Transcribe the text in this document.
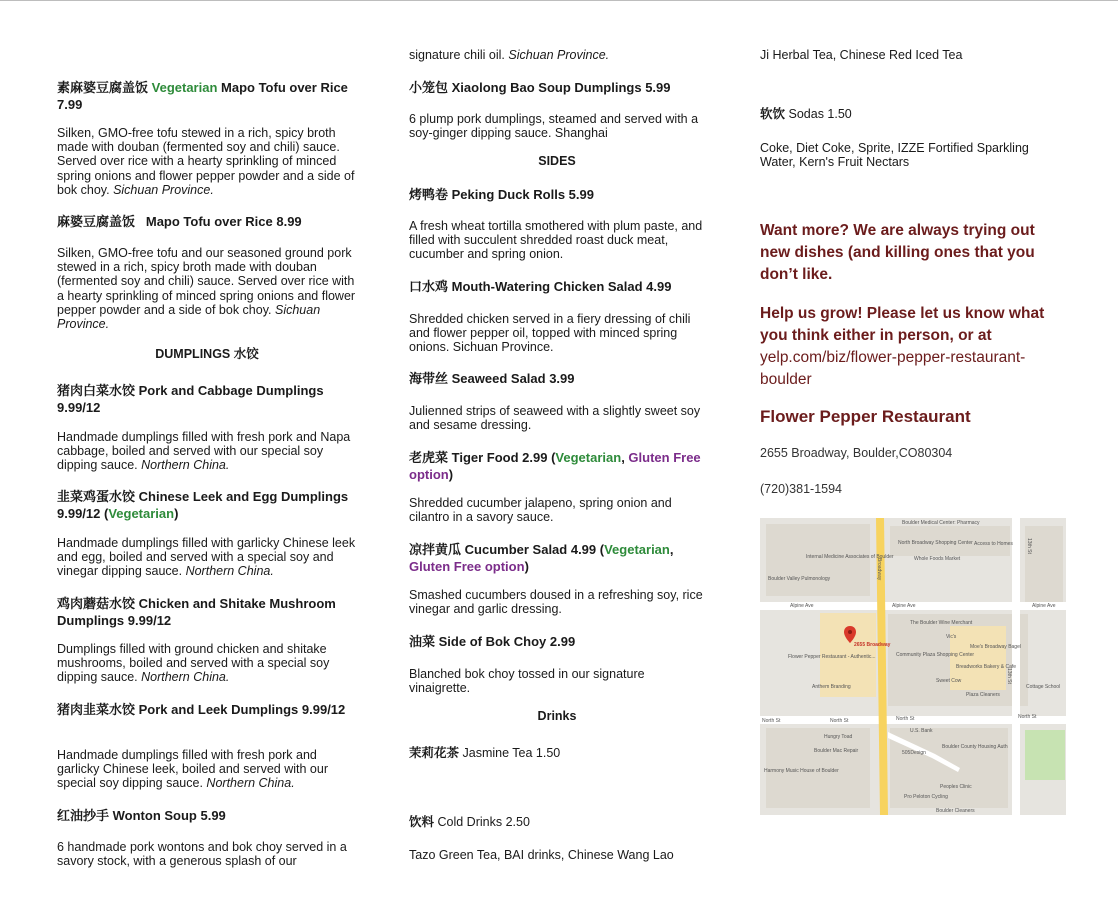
素麻婆豆腐盖饭 Vegetarian Mapo Tofu over Rice 7.99
Silken, GMO-free tofu stewed in a rich, spicy broth made with douban (fermented soy and chili) sauce. Served over rice with a hearty sprinkling of minced spring onions and flower pepper powder and a side of bok choy. Sichuan Province.
麻婆豆腐盖饭 Mapo Tofu over Rice 8.99
Silken, GMO-free tofu and our seasoned ground pork stewed in a rich, spicy broth made with douban (fermented soy and chili) sauce. Served over rice with a hearty sprinkling of minced spring onions and flower pepper powder and a side of bok choy. Sichuan Province.
DUMPLINGS 水饺
猪肉白菜水饺 Pork and Cabbage Dumplings 9.99/12
Handmade dumplings filled with fresh pork and Napa cabbage, boiled and served with our special soy dipping sauce. Northern China.
韭菜鸡蛋水饺 Chinese Leek and Egg Dumplings 9.99/12 (Vegetarian)
Handmade dumplings filled with garlicky Chinese leek and egg, boiled and served with a special soy and vinegar dipping sauce. Northern China.
鸡肉蘑菇水饺 Chicken and Shitake Mushroom Dumplings 9.99/12
Dumplings filled with ground chicken and shitake mushrooms, boiled and served with a special soy dipping sauce. Northern China.
猪肉韭菜水饺 Pork and Leek Dumplings 9.99/12
Handmade dumplings filled with fresh pork and garlicky Chinese leek, boiled and served with our special soy dipping sauce. Northern China.
红油抄手 Wonton Soup 5.99
6 handmade pork wontons and bok choy served in a savory stock, with a generous splash of our
signature chili oil. Sichuan Province.
小笼包 Xiaolong Bao Soup Dumplings 5.99
6 plump pork dumplings, steamed and served with a soy-ginger dipping sauce. Shanghai
SIDES
烤鸭卷 Peking Duck Rolls 5.99
A fresh wheat tortilla smothered with plum paste, and filled with succulent shredded roast duck meat, cucumber and spring onion.
口水鸡 Mouth-Watering Chicken Salad 4.99
Shredded chicken served in a fiery dressing of chili and flower pepper oil, topped with minced spring onions. Sichuan Province.
海带丝 Seaweed Salad 3.99
Julienned strips of seaweed with a slightly sweet soy and sesame dressing.
老虎菜 Tiger Food 2.99 (Vegetarian, Gluten Free option)
Shredded cucumber jalapeno, spring onion and cilantro in a savory sauce.
凉拌黄瓜 Cucumber Salad 4.99 (Vegetarian, Gluten Free option)
Smashed cucumbers doused in a refreshing soy, rice vinegar and garlic dressing.
油菜 Side of Bok Choy 2.99
Blanched bok choy tossed in our signature vinaigrette.
Drinks
茉莉花茶 Jasmine Tea 1.50
饮料 Cold Drinks 2.50
Tazo Green Tea, BAI drinks, Chinese Wang Lao
Ji Herbal Tea, Chinese Red Iced Tea
软饮 Sodas 1.50
Coke, Diet Coke, Sprite, IZZE Fortified Sparkling Water, Kern's Fruit Nectars
Want more? We are always trying out new dishes (and killing ones that you don’t like.
Help us grow! Please let us know what you think either in person, or at
yelp.com/biz/flower-pepper-restaurant-boulder
Flower Pepper Restaurant
2655 Broadway, Boulder,CO80304
(720)381-1594
Boulder Medical Center: Pharmacy
North Broadway Shopping Center Access to Homes
Internal Medicine Associates of Boulder	Whole Foods Market
Boulder Valley Pulmonology
Alpine Ave	Alpine Ave	Alpine Ave
Broadway
13th St
13th St
2655 Broadway
The Boulder Wine Merchant
Vic's
Moe's Broadway Bagel
Flower Pepper Restaurant - Authentic...	Community Plaza Shopping Center
Breadworks Bakery & Cafe
Sweet Cow
Anthem Branding
Plaza Cleaners
Cottage School
North St	North St	North St	North St
U.S. Bank
Hungry Toad
Boulder Mac Repair	505Design
Boulder County Housing Auth
Harmony Music House of Boulder
Peoples Clinic
Pro Peloton Cycling
Boulder Cleaners
